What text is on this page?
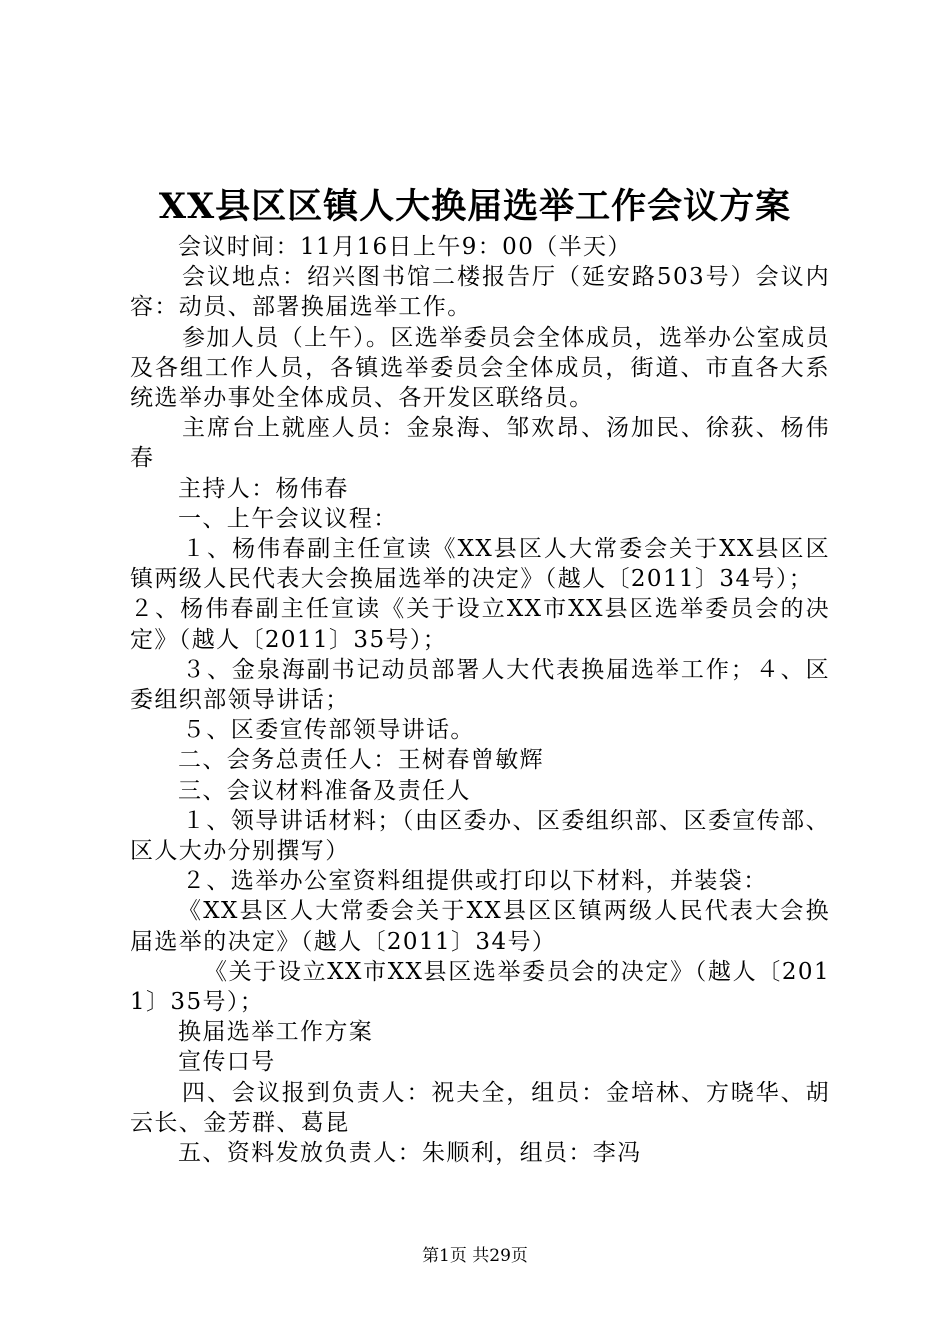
XX县区区镇人大换届选举工作会议方案

会议时间：11月16日上午9：00（半天）

会议地点：绍兴图书馆二楼报告厅（延安路503号）会议内容：动员、部署换届选举工作。

参加人员（上午）。区选举委员会全体成员，选举办公室成员及各组工作人员，各镇选举委员会全体成员，街道、市直各大系统选举办事处全体成员、各开发区联络员。

主席台上就座人员：金泉海、邹欢昂、汤加民、徐荻、杨伟春

主持人：杨伟春

一、上午会议议程：

１、杨伟春副主任宣读《XX县区人大常委会关于XX县区区镇两级人民代表大会换届选举的决定》（越人〔2011〕34号）；

２、杨伟春副主任宣读《关于设立XX市XX县区选举委员会的决定》（越人〔2011〕35号）；

３、金泉海副书记动员部署人大代表换届选举工作；４、区委组织部领导讲话；

５、区委宣传部领导讲话。

二、会务总责任人：王树春曾敏辉

三、会议材料准备及责任人

１、领导讲话材料；（由区委办、区委组织部、区委宣传部、区人大办分别撰写）

２、选举办公室资料组提供或打印以下材料，并装袋：

《XX县区人大常委会关于XX县区区镇两级人民代表大会换届选举的决定》（越人〔2011〕34号）

《关于设立XX市XX县区选举委员会的决定》（越人〔2011〕35号）；

换届选举工作方案

宣传口号

四、会议报到负责人：祝夫全，组员：金培林、方晓华、胡云长、金芳群、葛昆

五、资料发放负责人：朱顺利，组员：李冯

第1页 共29页
